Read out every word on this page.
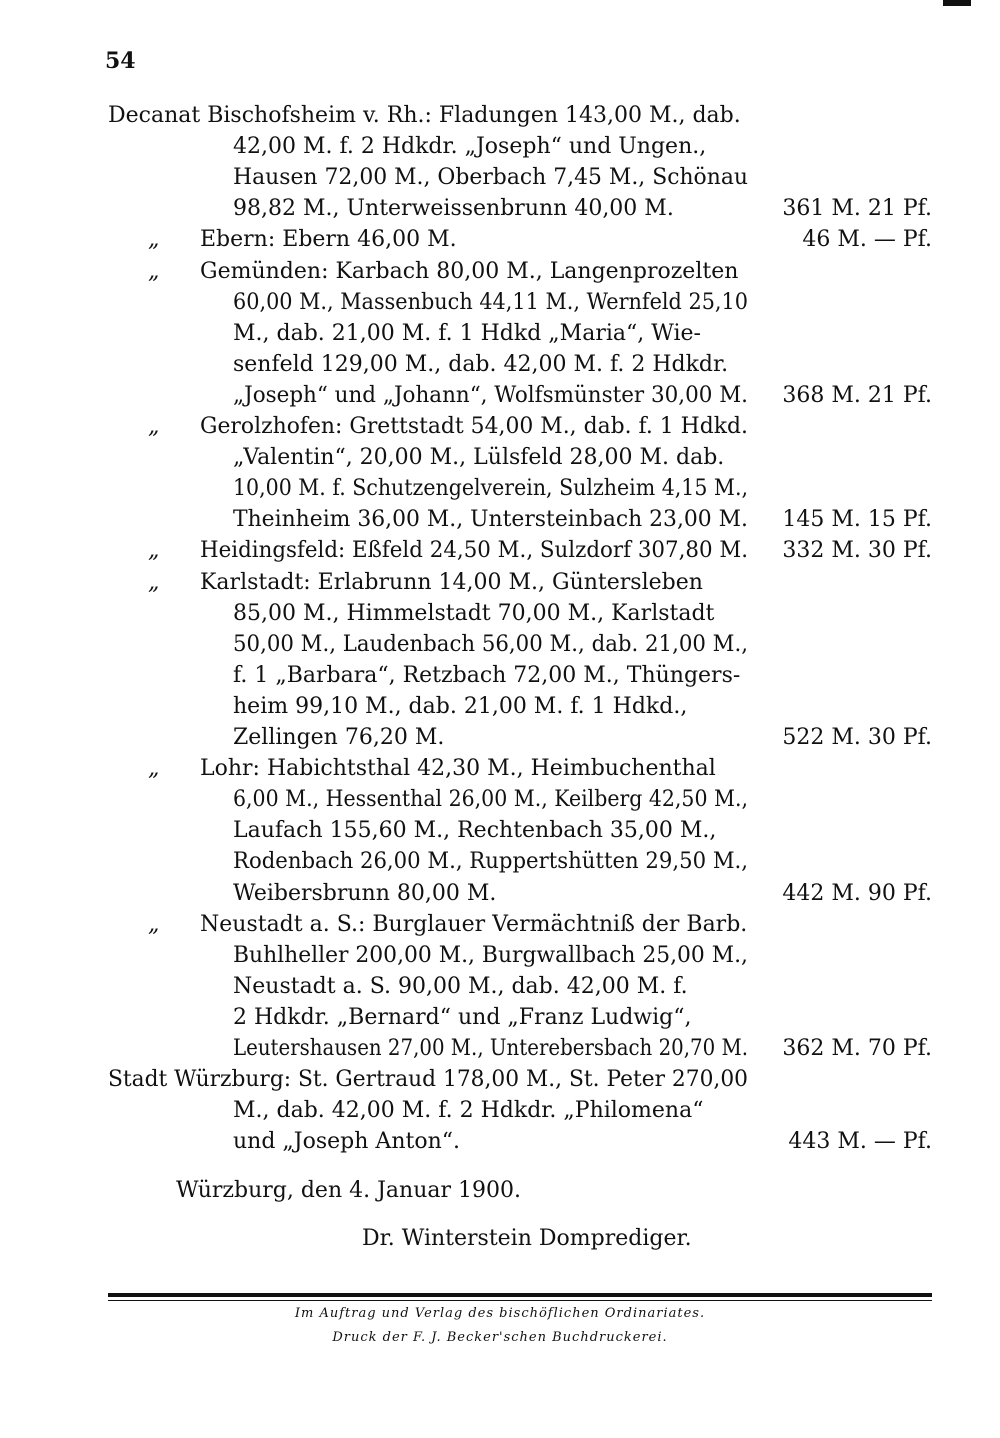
54
Decanat Bischofsheim v. Rh.: Fladungen 143,00 M., dab.
42,00 M. f. 2 Hdkdr. „Joseph“ und Ungen.,
Hausen 72,00 M., Oberbach 7,45 M., Schönau
98,82 M., Unterweissenbrunn 40,00 M.	361 M. 21 Pf.
„ Ebern: Ebern 46,00 M.	46 M. — Pf.
„ Gemünden: Karbach 80,00 M., Langenprozelten
60,00 M., Massenbuch 44,11 M., Wernfeld 25,10
M., dab. 21,00 M. f. 1 Hdkd „Maria“, Wie-
senfeld 129,00 M., dab. 42,00 M. f. 2 Hdkdr.
„Joseph“ und „Johann“, Wolfsmünster 30,00 M.	368 M. 21 Pf.
„ Gerolzhofen: Grettstadt 54,00 M., dab. f. 1 Hdkd.
„Valentin“, 20,00 M., Lülsfeld 28,00 M. dab.
10,00 M. f. Schutzengelverein, Sulzheim 4,15 M.,
Theinheim 36,00 M., Untersteinbach 23,00 M.	145 M. 15 Pf.
„ Heidingsfeld: Eßfeld 24,50 M., Sulzdorf 307,80 M.	332 M. 30 Pf.
„ Karlstadt: Erlabrunn 14,00 M., Güntersleben
85,00 M., Himmelstadt 70,00 M., Karlstadt
50,00 M., Laudenbach 56,00 M., dab. 21,00 M.,
f. 1 „Barbara“, Retzbach 72,00 M., Thüngers-
heim 99,10 M., dab. 21,00 M. f. 1 Hdkd.,
Zellingen 76,20 M.	522 M. 30 Pf.
„ Lohr: Habichtsthal 42,30 M., Heimbuchenthal
6,00 M., Hessenthal 26,00 M., Keilberg 42,50 M.,
Laufach 155,60 M., Rechtenbach 35,00 M.,
Rodenbach 26,00 M., Ruppertshütten 29,50 M.,
Weibersbrunn 80,00 M.	442 M. 90 Pf.
„ Neustadt a. S.: Burglauer Vermächtniß der Barb.
Buhlheller 200,00 M., Burgwallbach 25,00 M.,
Neustadt a. S. 90,00 M., dab. 42,00 M. f.
2 Hdkdr. „Bernard“ und „Franz Ludwig“,
Leutershausen 27,00 M., Unterebersbach 20,70 M.	362 M. 70 Pf.
Stadt Würzburg: St. Gertraud 178,00 M., St. Peter 270,00
M., dab. 42,00 M. f. 2 Hdkdr. „Philomena“
und „Joseph Anton“.	443 M. — Pf.
Würzburg, den 4. Januar 1900.
Dr. Winterstein Domprediger.
Im Auftrag und Verlag des bischöflichen Ordinariates.
Druck der F. J. Becker'schen Buchdruckerei.
